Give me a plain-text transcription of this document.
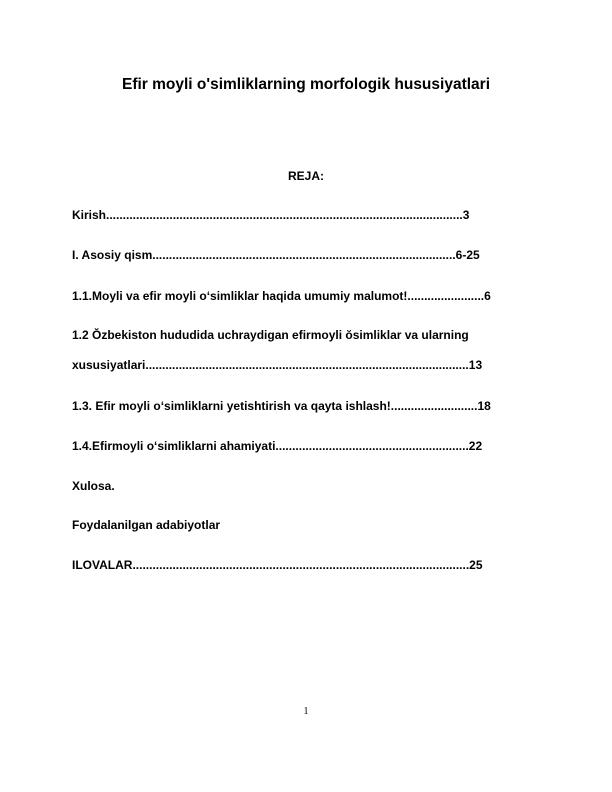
Efir moyli o'simliklarning morfologik hususiyatlari
REJA:
Kirish...........................................................................................................3
I. Asosiy qism...........................................................................................6-25
1.1.Moyli va efir moyli o‘simliklar haqida umumiy malumot!.......................6
1.2 Ŏzbekiston hududida uchraydigan efirmoyli ŏsimliklar va ularning
xususiyatlari.................................................................................................13
1.3. Efir moyli o‘simliklarni yetishtirish va qayta ishlash!..........................18
1.4.Efirmoyli o‘simliklarni ahamiyati..........................................................22
Xulosa.
Foydalanilgan adabiyotlar
ILOVALAR.....................................................................................................25
1
